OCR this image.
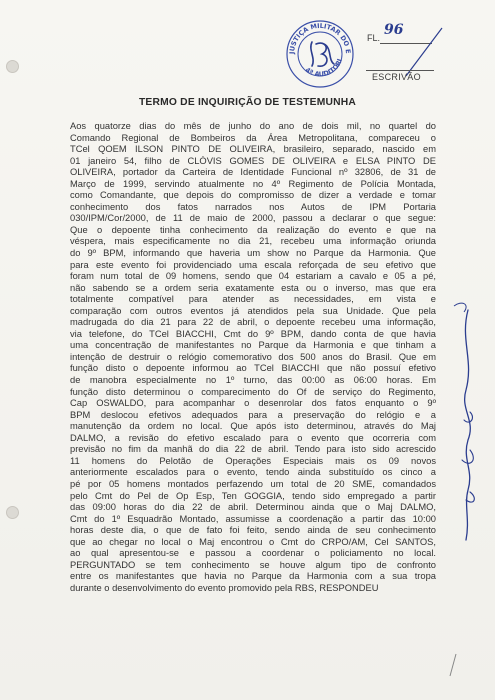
JUSTIÇA MILITAR DO E
4ª AUDITORI
FL. 96
ESCRIVÃO
TERMO DE INQUIRIÇÃO DE TESTEMUNHA
Aos quatorze dias do mês de junho do ano de dois mil, no quartel do
Comando Regional de Bombeiros da Área Metropolitana, compareceu o
TCel QOEM ILSON PINTO DE OLIVEIRA, brasileiro, separado, nascido em
01 janeiro 54, filho de CLÓVIS GOMES DE OLIVEIRA e ELSA PINTO DE
OLIVEIRA, portador da Carteira de Identidade Funcional nº 32806, de 31 de
Março de 1999, servindo atualmente no 4º Regimento de Polícia Montada,
como Comandante, que depois do compromisso de dizer a verdade e tomar
conhecimento dos fatos narrados nos Autos de IPM Portaria
030/IPM/Cor/2000, de 11 de maio de 2000, passou a declarar o que segue:
Que o depoente tinha conhecimento da realização do evento e que na
véspera, mais especificamente no dia 21, recebeu uma informação oriunda
do 9º BPM, informando que haveria um show no Parque da Harmonia. Que
para este evento foi providenciado uma escala reforçada de seu efetivo que
foram num total de 09 homens, sendo que 04 estariam a cavalo e 05 a pé,
não sabendo se a ordem seria exatamente esta ou o inverso, mas que era
totalmente compatível para atender as necessidades, em vista e
comparação com outros eventos já atendidos pela sua Unidade. Que pela
madrugada do dia 21 para 22 de abril, o depoente recebeu uma informação,
via telefone, do TCel BIACCHI, Cmt do 9º BPM, dando conta de que havia
uma concentração de manifestantes no Parque da Harmonia e que tinham a
intenção de destruir o relógio comemorativo dos 500 anos do Brasil. Que em
função disto o depoente informou ao TCel BIACCHI que não possuí efetivo
de manobra especialmente no 1º turno, das 00:00 as 06:00 horas. Em
função disto determinou o comparecimento do Of de serviço do Regimento,
Cap OSWALDO, para acompanhar o desenrolar dos fatos enquanto o 9º
BPM deslocou efetivos adequados para a preservação do relógio e a
manutenção da ordem no local. Que após isto determinou, através do Maj
DALMO, a revisão do efetivo escalado para o evento que ocorreria com
previsão no fim da manhã do dia 22 de abril. Tendo para isto sido acrescido
11 homens do Pelotão de Operações Especiais mais os 09 novos
anteriormente escalados para o evento, tendo ainda substituído os cinco a
pé por 05 homens montados perfazendo um total de 20 SME, comandados
pelo Cmt do Pel de Op Esp, Ten GOGGIA, tendo sido empregado a partir
das 09:00 horas do dia 22 de abril. Determinou ainda que o Maj DALMO,
Cmt do 1º Esquadrão Montado, assumisse a coordenação a partir das 10:00
horas deste dia, o que de fato foi feito, sendo ainda de seu conhecimento
que ao chegar no local o Maj encontrou o Cmt do CRPO/AM, Cel SANTOS,
ao qual apresentou-se e passou a coordenar o policiamento no local.
PERGUNTADO se tem conhecimento se houve algum tipo de confronto
entre os manifestantes que havia no Parque da Harmonia com a sua tropa
durante o desenvolvimento do evento promovido pela RBS, RESPONDEU
